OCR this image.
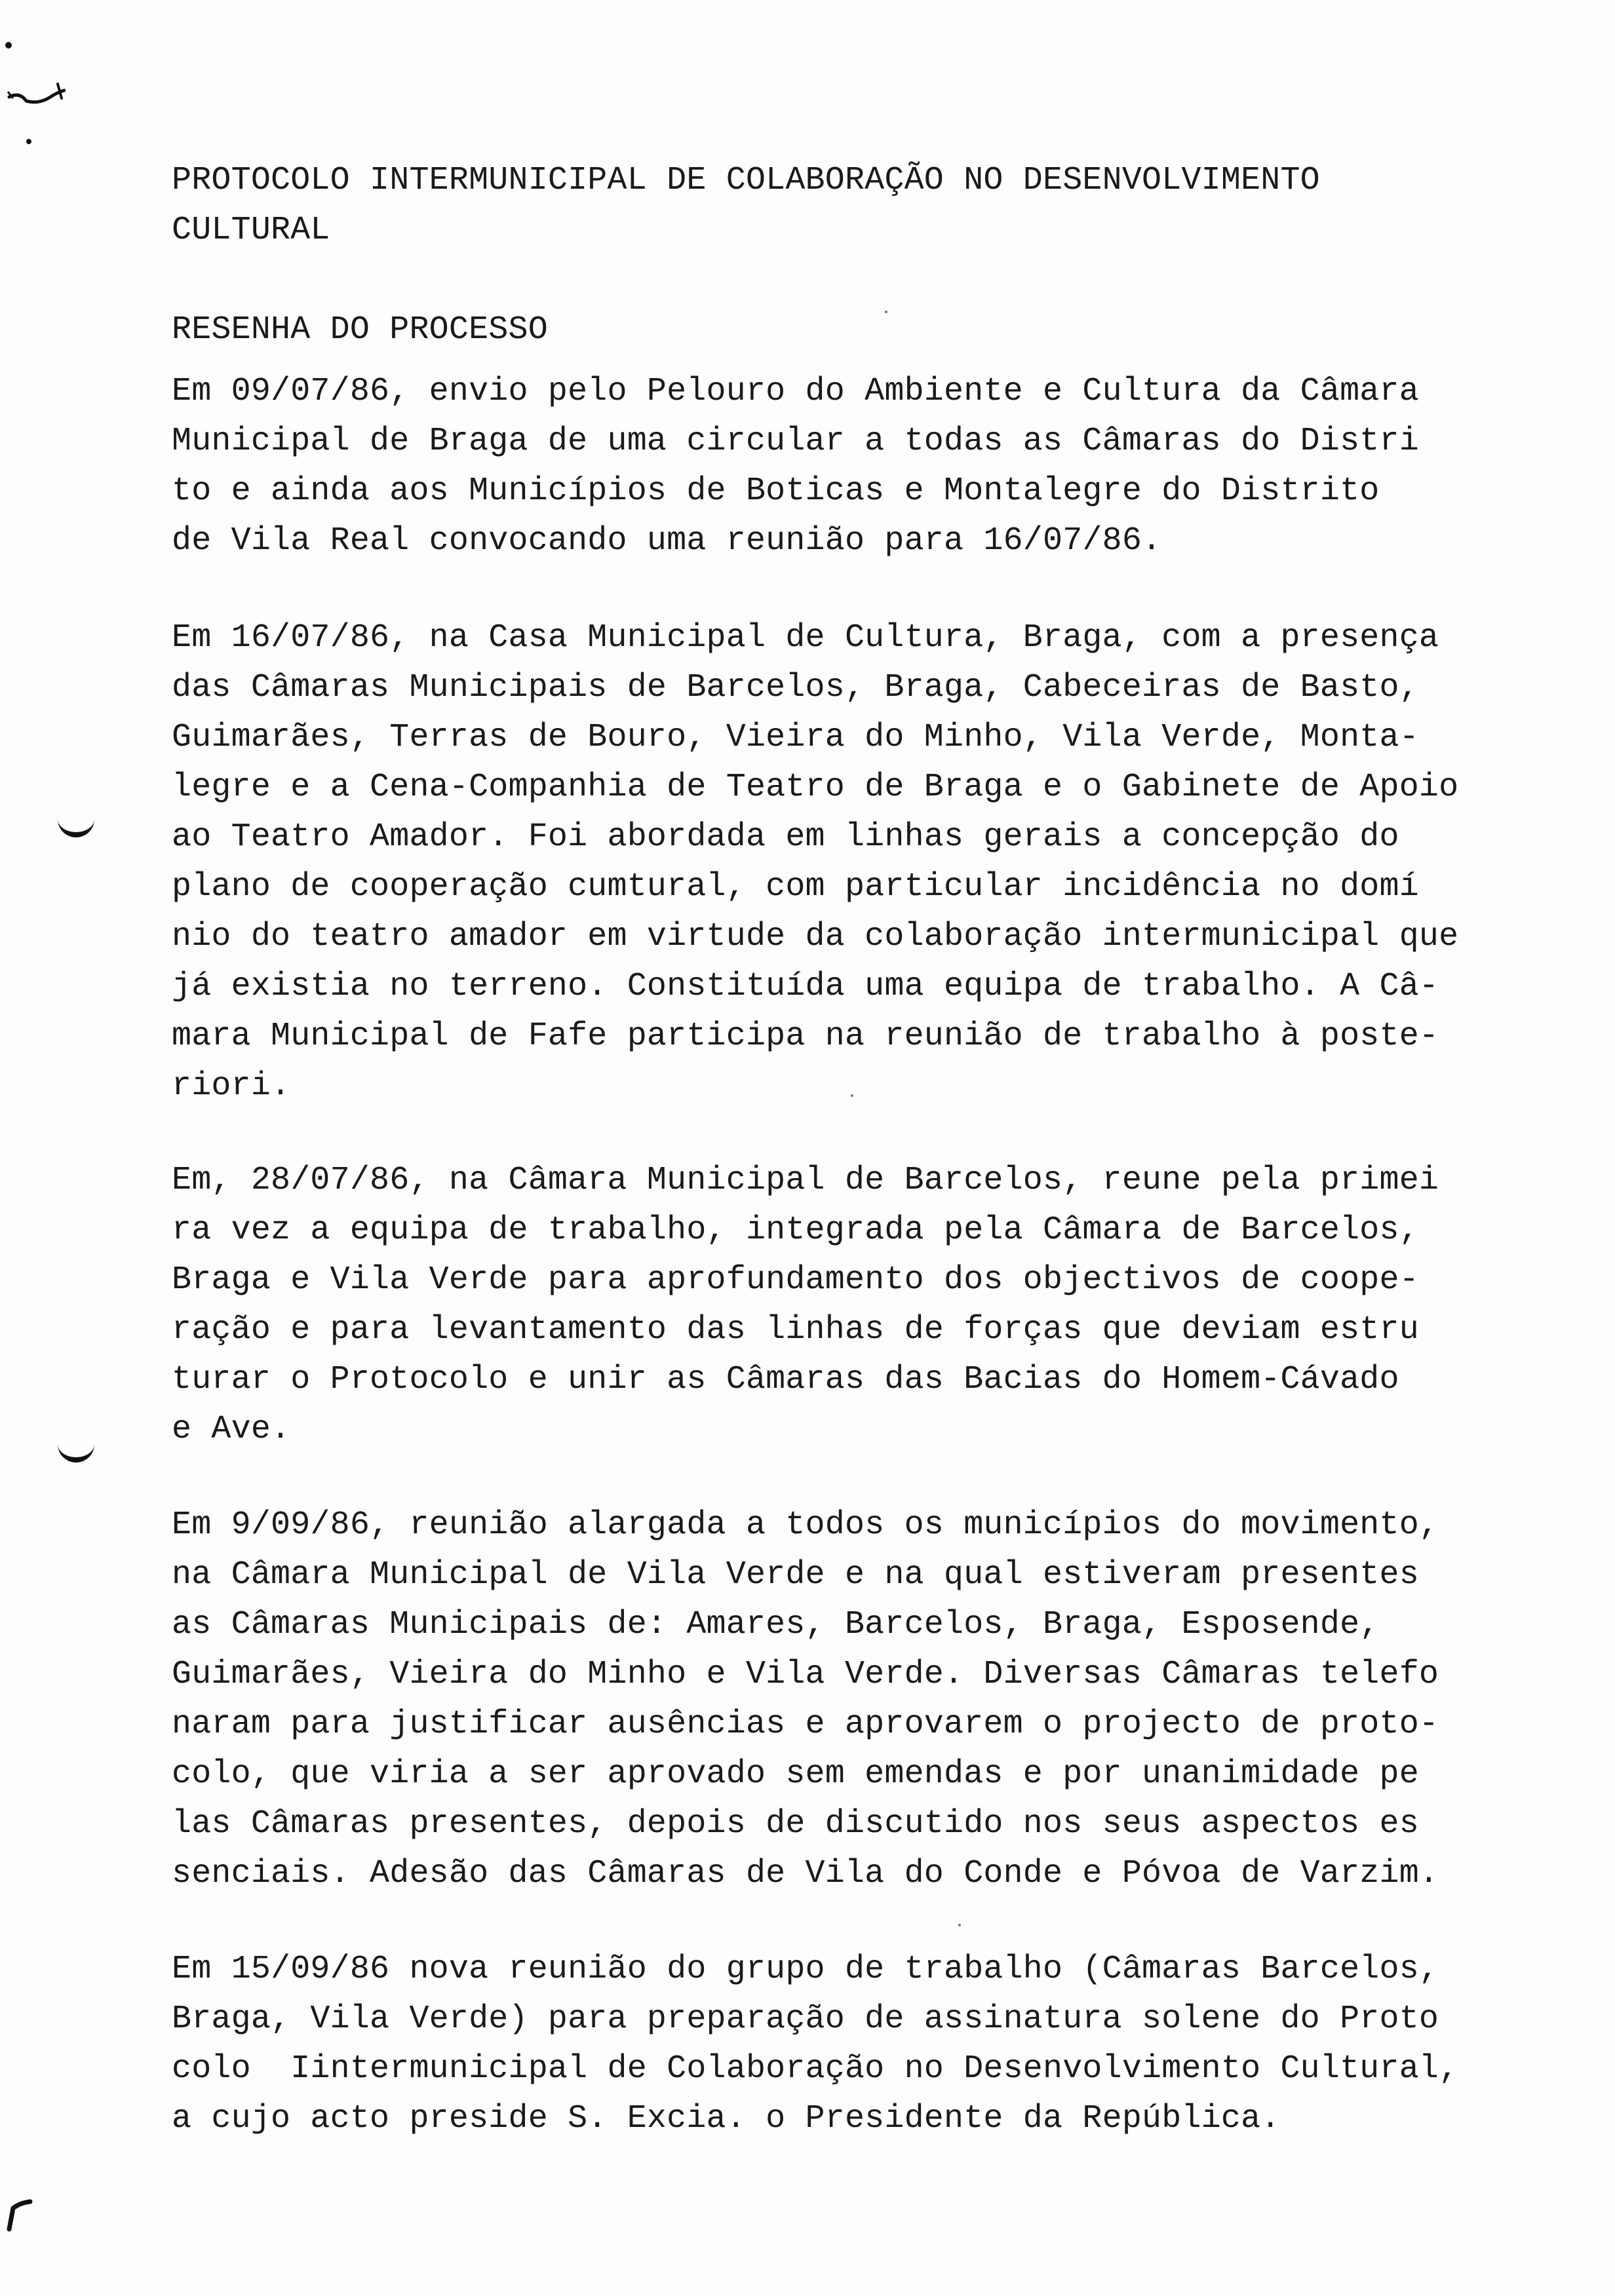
PROTOCOLO INTERMUNICIPAL DE COLABORAÇÃO NO DESENVOLVIMENTO
CULTURAL
RESENHA DO PROCESSO
Em 09/07/86, envio pelo Pelouro do Ambiente e Cultura da Câmara
Municipal de Braga de uma circular a todas as Câmaras do Distri
to e ainda aos Municípios de Boticas e Montalegre do Distrito
de Vila Real convocando uma reunião para 16/07/86.
Em 16/07/86, na Casa Municipal de Cultura, Braga, com a presença
das Câmaras Municipais de Barcelos, Braga, Cabeceiras de Basto,
Guimarães, Terras de Bouro, Vieira do Minho, Vila Verde, Monta-
legre e a Cena-Companhia de Teatro de Braga e o Gabinete de Apoio
ao Teatro Amador. Foi abordada em linhas gerais a concepção do
plano de cooperação cumtural, com particular incidência no domí
nio do teatro amador em virtude da colaboração intermunicipal que
já existia no terreno. Constituída uma equipa de trabalho. A Câ-
mara Municipal de Fafe participa na reunião de trabalho à poste-
riori.
Em, 28/07/86, na Câmara Municipal de Barcelos, reune pela primei
ra vez a equipa de trabalho, integrada pela Câmara de Barcelos,
Braga e Vila Verde para aprofundamento dos objectivos de coope-
ração e para levantamento das linhas de forças que deviam estru
turar o Protocolo e unir as Câmaras das Bacias do Homem-Cávado
e Ave.
Em 9/09/86, reunião alargada a todos os municípios do movimento,
na Câmara Municipal de Vila Verde e na qual estiveram presentes
as Câmaras Municipais de: Amares, Barcelos, Braga, Esposende,
Guimarães, Vieira do Minho e Vila Verde. Diversas Câmaras telefo
naram para justificar ausências e aprovarem o projecto de proto-
colo, que viria a ser aprovado sem emendas e por unanimidade pe
las Câmaras presentes, depois de discutido nos seus aspectos es
senciais. Adesão das Câmaras de Vila do Conde e Póvoa de Varzim.
Em 15/09/86 nova reunião do grupo de trabalho (Câmaras Barcelos,
Braga, Vila Verde) para preparação de assinatura solene do Proto
colo  Iintermunicipal de Colaboração no Desenvolvimento Cultural,
a cujo acto preside S. Excia. o Presidente da República.
